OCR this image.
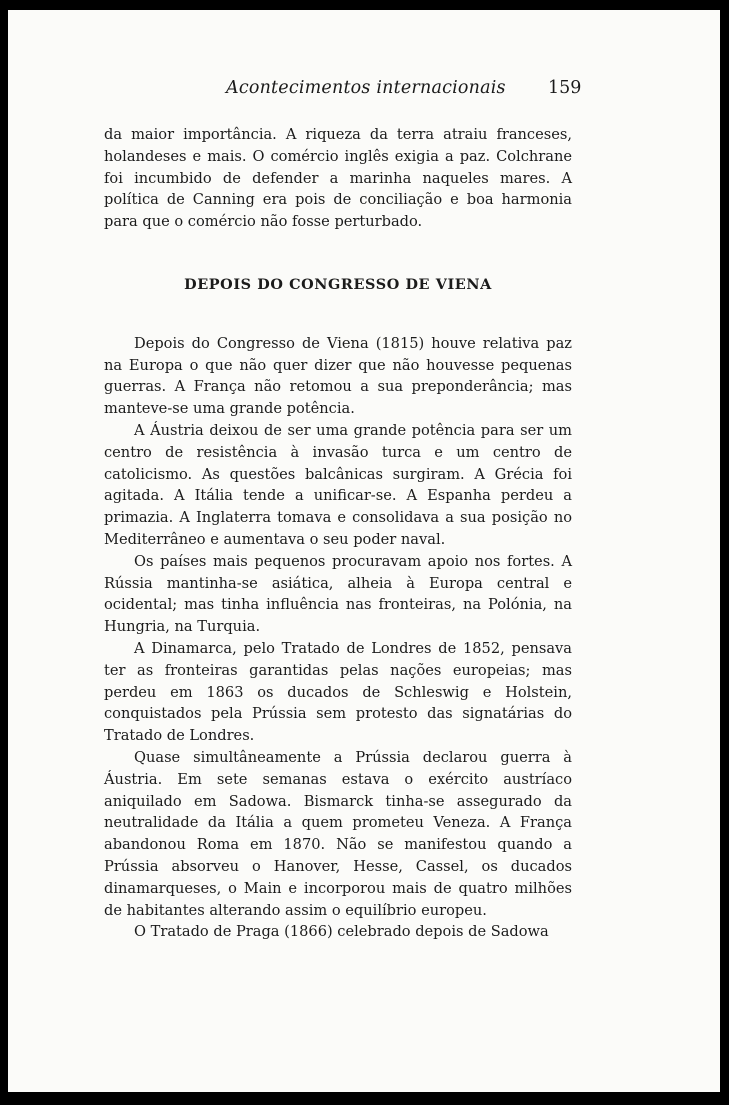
Acontecimentos internacionais 159

da maior importância. A riqueza da terra atraiu franceses, holandeses e mais. O comércio inglês exigia a paz. Colchrane foi incumbido de defender a marinha naqueles mares. A política de Canning era pois de conciliação e boa harmonia para que o comércio não fosse perturbado.

DEPOIS DO CONGRESSO DE VIENA

Depois do Congresso de Viena (1815) houve relativa paz na Europa o que não quer dizer que não houvesse pequenas guerras. A França não retomou a sua preponderância; mas manteve-se uma grande potência.

A Áustria deixou de ser uma grande potência para ser um centro de resistência à invasão turca e um centro de catolicismo. As questões balcânicas surgiram. A Grécia foi agitada. A Itália tende a unificar-se. A Espanha perdeu a primazia. A Inglaterra tomava e consolidava a sua posição no Mediterrâneo e aumentava o seu poder naval.

Os países mais pequenos procuravam apoio nos fortes. A Rússia mantinha-se asiática, alheia à Europa central e ocidental; mas tinha influência nas fronteiras, na Polónia, na Hungria, na Turquia.

A Dinamarca, pelo Tratado de Londres de 1852, pensava ter as fronteiras garantidas pelas nações europeias; mas perdeu em 1863 os ducados de Schleswig e Holstein, conquistados pela Prússia sem protesto das signatárias do Tratado de Londres.

Quase simultâneamente a Prússia declarou guerra à Áustria. Em sete semanas estava o exército austríaco aniquilado em Sadowa. Bismarck tinha-se assegurado da neutralidade da Itália a quem prometeu Veneza. A França abandonou Roma em 1870. Não se manifestou quando a Prússia absorveu o Hanover, Hesse, Cassel, os ducados dinamarqueses, o Main e incorporou mais de quatro milhões de habitantes alterando assim o equilíbrio europeu.

O Tratado de Praga (1866) celebrado depois de Sadowa
